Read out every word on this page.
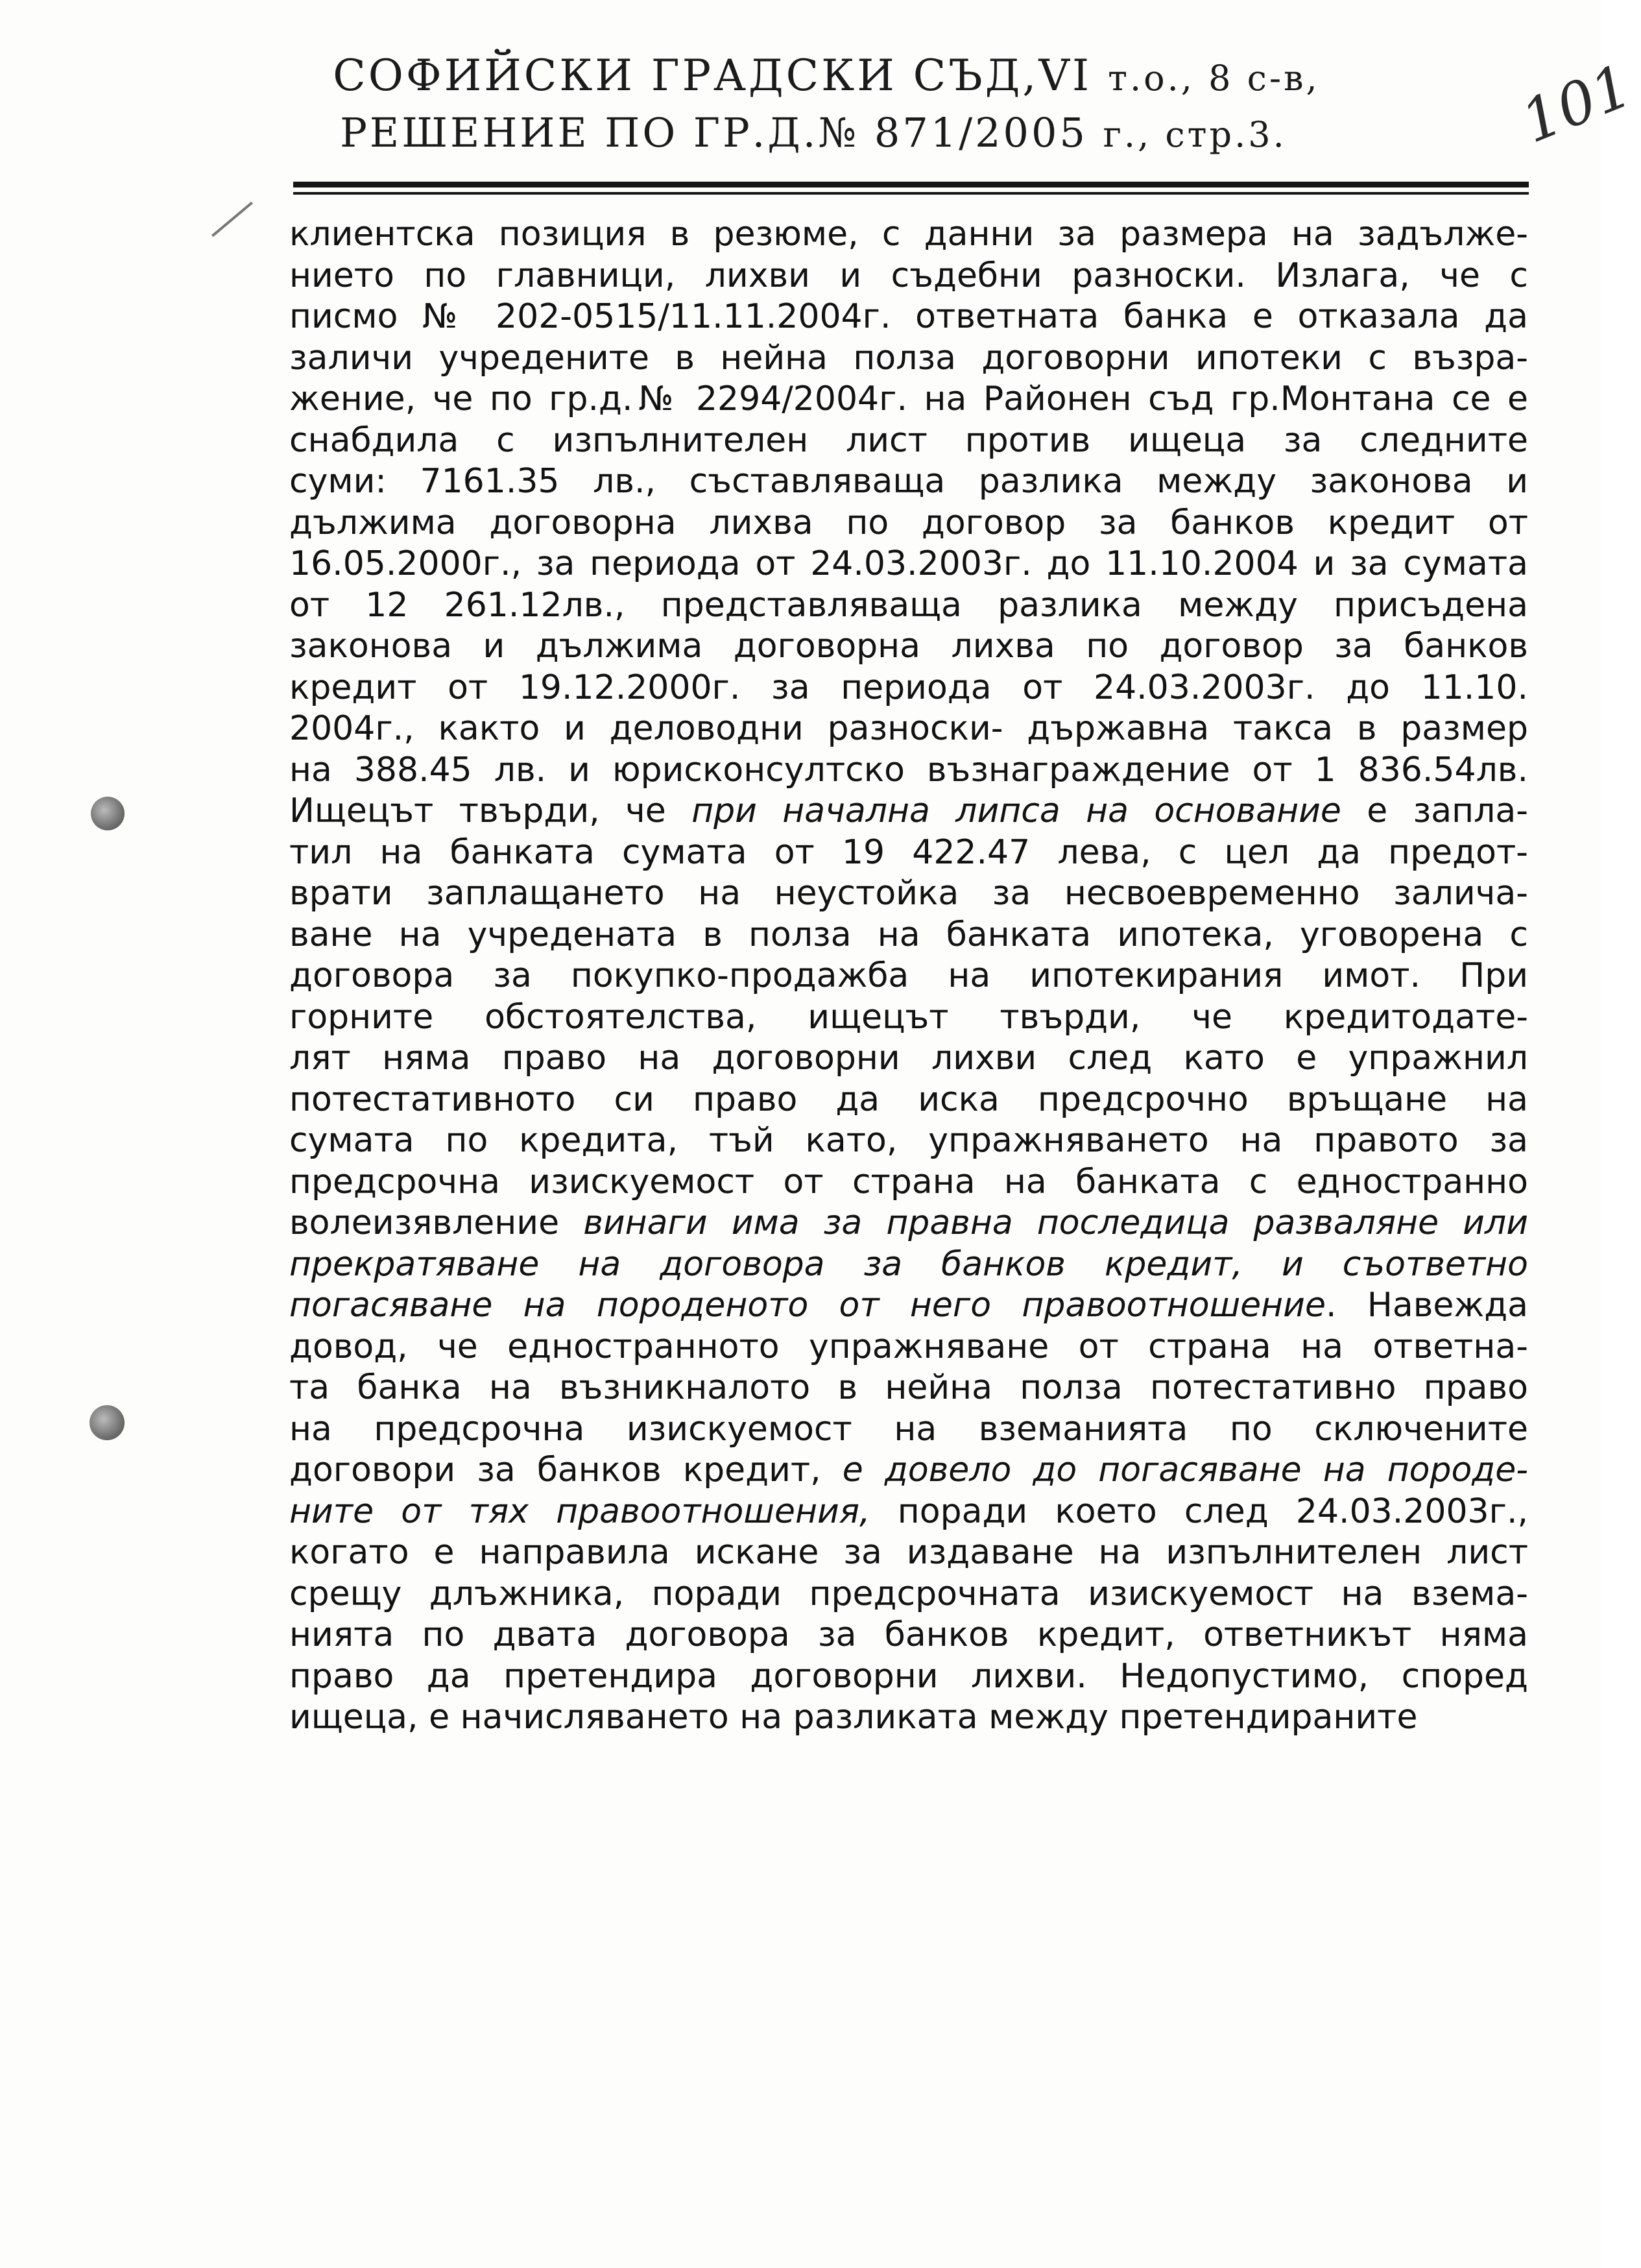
СОФИЙСКИ ГРАДСКИ СЪД,VI т.о., 8 с-в,
РЕШЕНИЕ ПО ГР.Д.№ 871/2005 г., стр.3.	101
клиентска позиция в резюме, с данни за размера на задълже-
нието по главници, лихви и съдебни разноски. Излага, че с
писмо № 202-0515/11.11.2004г. ответната банка е отказала да
заличи учредените в нейна полза договорни ипотеки с възра-
жение, че по гр.д.№ 2294/2004г. на Районен съд гр.Монтана се е
снабдила с изпълнителен лист против ищеца за следните
суми: 7161.35 лв., съставляваща разлика между законова и
дължима договорна лихва по договор за банков кредит от
16.05.2000г., за периода от 24.03.2003г. до 11.10.2004 и за сумата
от 12 261.12лв., представляваща разлика между присъдена
законова и дължима договорна лихва по договор за банков
кредит от 19.12.2000г. за периода от 24.03.2003г. до 11.10.
2004г., както и деловодни разноски- държавна такса в размер
на 388.45 лв. и юрисконсултско възнаграждение от 1 836.54лв.
Ищецът твърди, че при начална липса на основание е запла-
тил на банката сумата от 19 422.47 лева, с цел да предот-
врати заплащането на неустойка за несвоевременно залича-
ване на учредената в полза на банката ипотека, уговорена с
договора за покупко-продажба на ипотекирания имот. При
горните обстоятелства, ищецът твърди, че кредитодате-
лят няма право на договорни лихви след като е упражнил
потестативното си право да иска предсрочно връщане на
сумата по кредита, тъй като, упражняването на правото за
предсрочна изискуемост от страна на банката с едностранно
волеизявление винаги има за правна последица разваляне или
прекратяване на договора за банков кредит, и съответно
погасяване на породеното от него правоотношение. Навежда
довод, че едностранното упражняване от страна на ответна-
та банка на възникналото в нейна полза потестативно право
на предсрочна изискуемост на вземанията по сключените
договори за банков кредит, е довело до погасяване на породе-
ните от тях правоотношения, поради което след 24.03.2003г.,
когато е направила искане за издаване на изпълнителен лист
срещу длъжника, поради предсрочната изискуемост на взема-
нията по двата договора за банков кредит, ответникът няма
право да претендира договорни лихви. Недопустимо, според
ищеца, е начисляването на разликата между претендираните
